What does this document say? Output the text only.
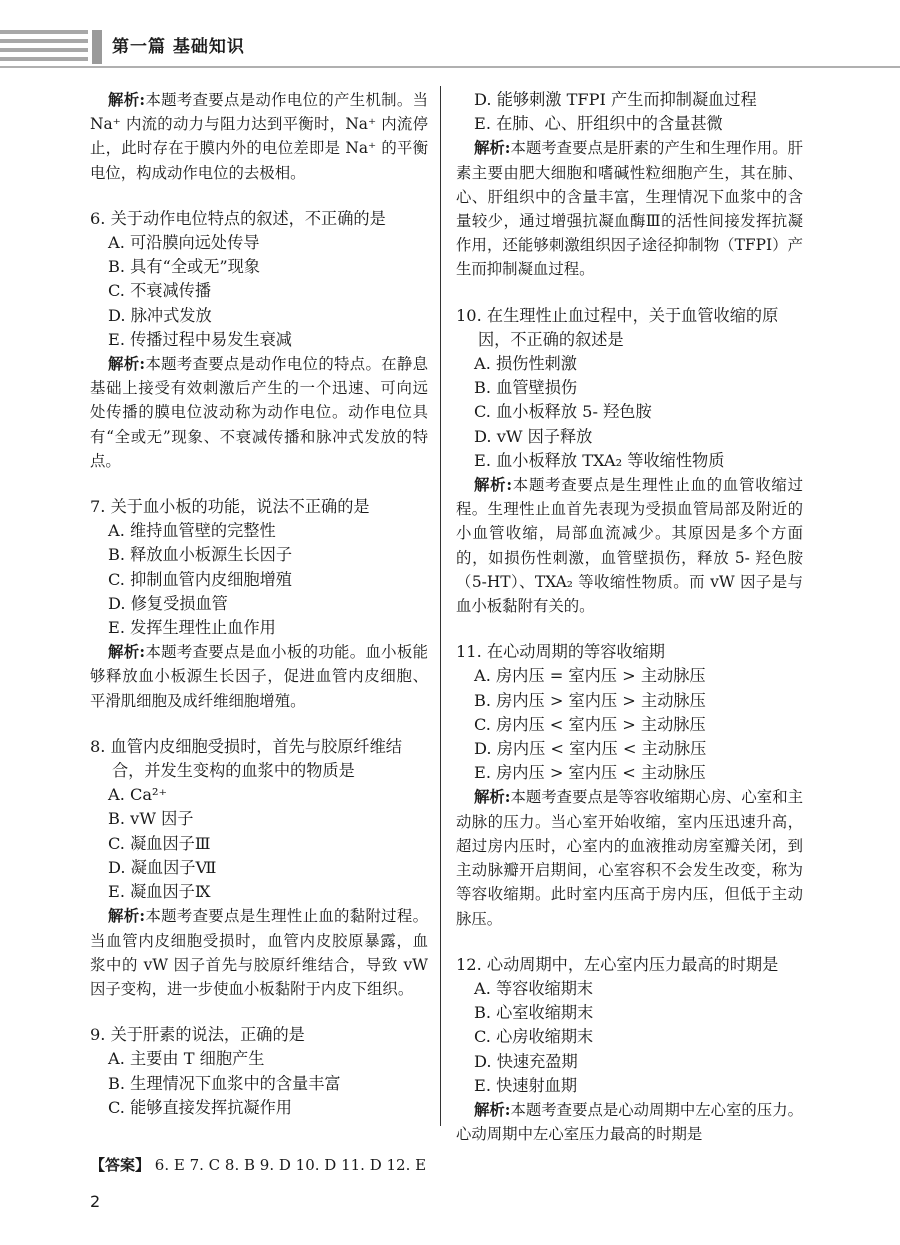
第一篇 基础知识

解析:本题考查要点是动作电位的产生机制。当 Na⁺ 内流的动力与阻力达到平衡时，Na⁺ 内流停止，此时存在于膜内外的电位差即是 Na⁺ 的平衡电位，构成动作电位的去极相。

6. 关于动作电位特点的叙述，不正确的是

A. 可沿膜向远处传导

B. 具有“全或无”现象

C. 不衰减传播

D. 脉冲式发放

E. 传播过程中易发生衰减

解析:本题考查要点是动作电位的特点。在静息基础上接受有效刺激后产生的一个迅速、可向远处传播的膜电位波动称为动作电位。动作电位具有“全或无”现象、不衰减传播和脉冲式发放的特点。

7. 关于血小板的功能，说法不正确的是

A. 维持血管壁的完整性

B. 释放血小板源生长因子

C. 抑制血管内皮细胞增殖

D. 修复受损血管

E. 发挥生理性止血作用

解析:本题考查要点是血小板的功能。血小板能够释放血小板源生长因子，促进血管内皮细胞、平滑肌细胞及成纤维细胞增殖。

8. 血管内皮细胞受损时，首先与胶原纤维结合，并发生变构的血浆中的物质是

A. Ca²⁺

B. vW 因子

C. 凝血因子Ⅲ

D. 凝血因子Ⅶ

E. 凝血因子Ⅸ

解析:本题考查要点是生理性止血的黏附过程。当血管内皮细胞受损时，血管内皮胶原暴露，血浆中的 vW 因子首先与胶原纤维结合，导致 vW 因子变构，进一步使血小板黏附于内皮下组织。

9. 关于肝素的说法，正确的是

A. 主要由 T 细胞产生

B. 生理情况下血浆中的含量丰富

C. 能够直接发挥抗凝作用

D. 能够刺激 TFPI 产生而抑制凝血过程

E. 在肺、心、肝组织中的含量甚微

解析:本题考查要点是肝素的产生和生理作用。肝素主要由肥大细胞和嗜碱性粒细胞产生，其在肺、心、肝组织中的含量丰富，生理情况下血浆中的含量较少，通过增强抗凝血酶Ⅲ的活性间接发挥抗凝作用，还能够刺激组织因子途径抑制物（TFPI）产生而抑制凝血过程。

10. 在生理性止血过程中，关于血管收缩的原因，不正确的叙述是

A. 损伤性刺激

B. 血管壁损伤

C. 血小板释放 5- 羟色胺

D. vW 因子释放

E. 血小板释放 TXA₂ 等收缩性物质

解析:本题考查要点是生理性止血的血管收缩过程。生理性止血首先表现为受损血管局部及附近的小血管收缩，局部血流减少。其原因是多个方面的，如损伤性刺激，血管壁损伤，释放 5- 羟色胺（5-HT）、TXA₂ 等收缩性物质。而 vW 因子是与血小板黏附有关的。

11. 在心动周期的等容收缩期

A. 房内压 = 室内压 > 主动脉压

B. 房内压 > 室内压 > 主动脉压

C. 房内压 < 室内压 > 主动脉压

D. 房内压 < 室内压 < 主动脉压

E. 房内压 > 室内压 < 主动脉压

解析:本题考查要点是等容收缩期心房、心室和主动脉的压力。当心室开始收缩，室内压迅速升高，超过房内压时，心室内的血液推动房室瓣关闭，到主动脉瓣开启期间，心室容积不会发生改变，称为等容收缩期。此时室内压高于房内压，但低于主动脉压。

12. 心动周期中，左心室内压力最高的时期是

A. 等容收缩期末

B. 心室收缩期末

C. 心房收缩期末

D. 快速充盈期

E. 快速射血期

解析:本题考查要点是心动周期中左心室的压力。心动周期中左心室压力最高的时期是

【答案】 6. E 7. C 8. B 9. D 10. D 11. D 12. E
2
